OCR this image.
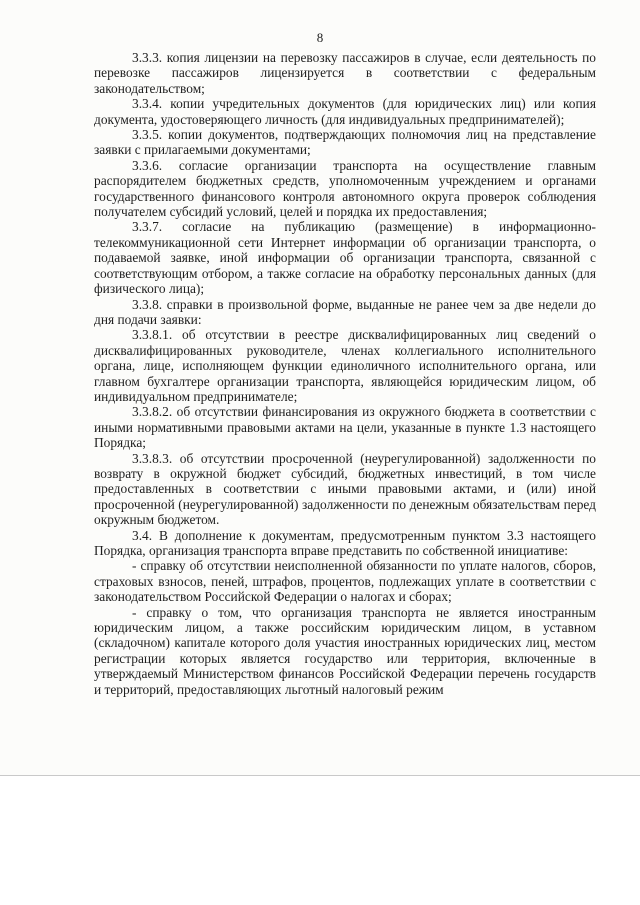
8

3.3.3. копия лицензии на перевозку пассажиров в случае, если деятельность по перевозке пассажиров лицензируется в соответствии с федеральным законодательством;

3.3.4. копии учредительных документов (для юридических лиц) или копия документа, удостоверяющего личность (для индивидуальных предпринимателей);

3.3.5. копии документов, подтверждающих полномочия лиц на представление заявки с прилагаемыми документами;

3.3.6. согласие организации транспорта на осуществление главным распорядителем бюджетных средств, уполномоченным учреждением и органами государственного финансового контроля автономного округа проверок соблюдения получателем субсидий условий, целей и порядка их предоставления;

3.3.7. согласие на публикацию (размещение) в информационно-телекоммуникационной сети Интернет информации об организации транспорта, о подаваемой заявке, иной информации об организации транспорта, связанной с соответствующим отбором, а также согласие на обработку персональных данных (для физического лица);

3.3.8. справки в произвольной форме, выданные не ранее чем за две недели до дня подачи заявки:

3.3.8.1. об отсутствии в реестре дисквалифицированных лиц сведений о дисквалифицированных руководителе, членах коллегиального исполнительного органа, лице, исполняющем функции единоличного исполнительного органа, или главном бухгалтере организации транспорта, являющейся юридическим лицом, об индивидуальном предпринимателе;

3.3.8.2. об отсутствии финансирования из окружного бюджета в соответствии с иными нормативными правовыми актами на цели, указанные в пункте 1.3 настоящего Порядка;

3.3.8.3. об отсутствии просроченной (неурегулированной) задолженности по возврату в окружной бюджет субсидий, бюджетных инвестиций, в том числе предоставленных в соответствии с иными правовыми актами, и (или) иной просроченной (неурегулированной) задолженности по денежным обязательствам перед окружным бюджетом.

3.4. В дополнение к документам, предусмотренным пунктом 3.3 настоящего Порядка, организация транспорта вправе представить по собственной инициативе:

- справку об отсутствии неисполненной обязанности по уплате налогов, сборов, страховых взносов, пеней, штрафов, процентов, подлежащих уплате в соответствии с законодательством Российской Федерации о налогах и сборах;

- справку о том, что организация транспорта не является иностранным юридическим лицом, а также российским юридическим лицом, в уставном (складочном) капитале которого доля участия иностранных юридических лиц, местом регистрации которых является государство или территория, включенные в утверждаемый Министерством финансов Российской Федерации перечень государств и территорий, предоставляющих льготный налоговый режим
